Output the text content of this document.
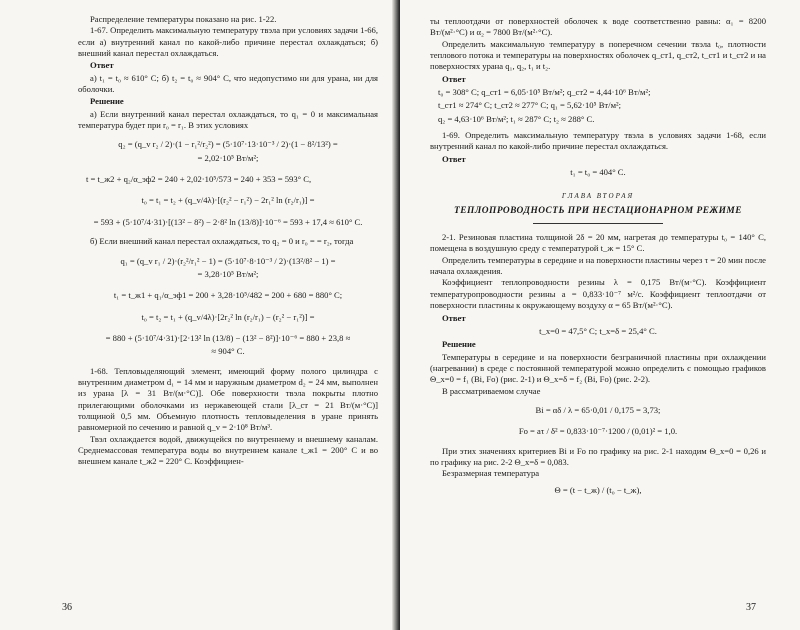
Распределение температуры показано на рис. 1-22.

1-67. Определить максимальную температуру твэла при условиях задачи 1-66, если а) внутренний канал по какой-либо причине перестал охлаждаться; б) внешний канал перестал охлаждаться.

Ответ

а) t₁ = t₀ ≈ 610° С; б) t₂ = t₀ ≈ 904° С, что недопустимо ни для урана, ни для оболочки.

Решение

а) Если внутренний канал перестал охлаждаться, то q₁ = 0 и максимальная температура будет при r₀ = r₁. В этих условиях

q₂ = (q_v r₂ / 2)·(1 − r₁²/r₂²) = (5·10⁷·13·10⁻³ / 2)·(1 − 8²/13²) =
= 2,02·10⁵ Вт/м²;
t = t_ж2 + q₂/α_эф2 = 240 + 2,02·10⁵/573 = 240 + 353 = 593° С,
t₀ = t₁ = t₂ + (q_v/4λ)·[(r₂² − r₁²) − 2r₁² ln (r₂/r₁)] =
= 593 + (5·10⁷/4·31)·[(13² − 8²) − 2·8² ln (13/8)]·10⁻⁶ = 593 + 17,4 ≈ 610° С.

б) Если внешний канал перестал охлаждаться, то q₂ = 0 и r₀ = = r₂, тогда

q₁ = (q_v r₁ / 2)·(r₂²/r₁² − 1) = (5·10⁷·8·10⁻³ / 2)·(13²/8² − 1) =
= 3,28·10⁵ Вт/м²;
t₁ = t_ж1 + q₁/α_эф1 = 200 + 3,28·10⁵/482 = 200 + 680 = 880° С;
t₀ = t₂ = t₁ + (q_v/4λ)·[2r₂² ln (r₂/r₁) − (r₂² − r₁²)] =
= 880 + (5·10⁷/4·31)·[2·13² ln (13/8) − (13² − 8²)]·10⁻⁶ = 880 + 23,8 ≈
≈ 904° С.

1-68. Тепловыделяющий элемент, имеющий форму полого цилиндра с внутренним диаметром d₁ = 14 мм и наружным диаметром d₂ = 24 мм, выполнен из урана [λ = 31 Вт/(м·°С)]. Обе поверхности твэла покрыты плотно прилегающими оболочками из нержавеющей стали [λ_ст = 21 Вт/(м·°С)] толщиной 0,5 мм. Объемную плотность тепловыделения в уране принять равномерной по сечению и равной q_v = 2·10⁸ Вт/м³.

Твэл охлаждается водой, движущейся по внутреннему и внешнему каналам. Среднемассовая температура воды во внутреннем канале t_ж1 = 200° С и во внешнем канале t_ж2 = 220° С. Коэффициен-

36

ты теплоотдачи от поверхностей оболочек к воде соответственно равны: α₁ = 8200 Вт/(м²·°С) и α₂ = 7800 Вт/(м²·°С).

Определить максимальную температуру в поперечном сечении твэла t₀, плотности теплового потока и температуры на поверхностях оболочек q_ст1, q_ст2, t_ст1 и t_ст2 и на поверхностях урана q₁, q₂, t₁ и t₂.

Ответ
t₀ = 308° С; q_ст1 = 6,05·10⁵ Вт/м²; q_ст2 = 4,44·10⁶ Вт/м²;
t_ст1 ≈ 274° С; t_ст2 ≈ 277° С; q₁ = 5,62·10⁵ Вт/м²;
q₂ = 4,63·10⁶ Вт/м²; t₁ ≈ 287° С; t₂ ≈ 288° С.

1-69. Определить максимальную температуру твэла в условиях задачи 1-68, если внутренний канал по какой-либо причине перестал охлаждаться.

Ответ
t₁ = t₀ = 404° С.
ГЛАВА ВТОРАЯ
ТЕПЛОПРОВОДНОСТЬ ПРИ НЕСТАЦИОНАРНОМ РЕЖИМЕ

2-1. Резиновая пластина толщиной 2δ = 20 мм, нагретая до температуры t₀ = 140° С, помещена в воздушную среду с температурой t_ж = 15° С.

Определить температуры в середине и на поверхности пластины через τ = 20 мин после начала охлаждения.

Коэффициент теплопроводности резины λ = 0,175 Вт/(м·°С). Коэффициент температуропроводности резины a = 0,833·10⁻⁷ м²/с. Коэффициент теплоотдачи от поверхности пластины к окружающему воздуху α = 65 Вт/(м²·°С).

Ответ
t_x=0 = 47,5° С; t_x=δ = 25,4° С.
Решение

Температуры в середине и на поверхности безграничной пластины при охлаждении (нагревании) в среде с постоянной температурой можно определить с помощью графиков Θ_x=0 = f₁ (Bi, Fo) (рис. 2-1) и Θ_x=δ = f₂ (Bi, Fo) (рис. 2-2).

В рассматриваемом случае

Bi = αδ / λ = 65·0,01 / 0,175 = 3,73;
Fo = aτ / δ² = 0,833·10⁻⁷·1200 / (0,01)² = 1,0.

При этих значениях критериев Bi и Fo по графику на рис. 2-1 находим Θ_x=0 = 0,26 и по графику на рис. 2-2 Θ_x=δ = 0,083.

Безразмерная температура

Θ = (t − t_ж) / (t₀ − t_ж),
37
